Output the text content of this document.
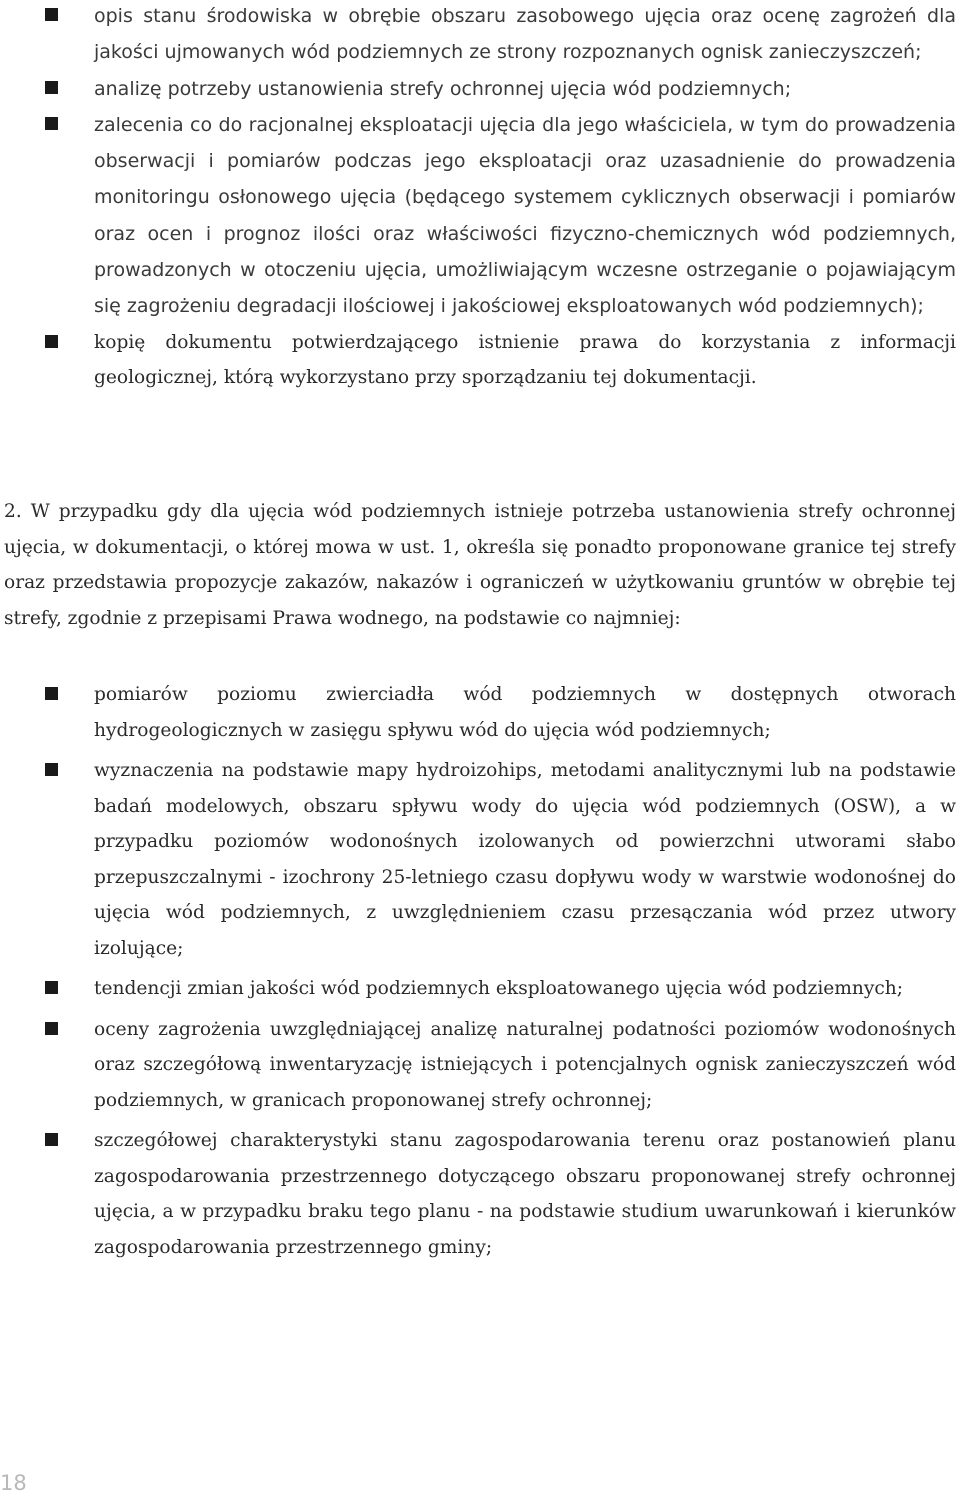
opis stanu środowiska w obrębie obszaru zasobowego ujęcia oraz ocenę zagrożeń dla jakości ujmowanych wód podziemnych ze strony rozpoznanych ognisk zanieczyszczeń;

analizę potrzeby ustanowienia strefy ochronnej ujęcia wód podziemnych;

zalecenia co do racjonalnej eksploatacji ujęcia dla jego właściciela, w tym do prowadzenia obserwacji i pomiarów podczas jego eksploatacji oraz uzasadnienie do prowadzenia monitoringu osłonowego ujęcia (będącego systemem cyklicznych obserwacji i pomiarów oraz ocen i prognoz ilości oraz właściwości fizyczno-chemicznych wód podziemnych, prowadzonych w otoczeniu ujęcia, umożliwiającym wczesne ostrzeganie o pojawiającym się zagrożeniu degradacji ilościowej i jakościowej eksploatowanych wód podziemnych);

kopię dokumentu potwierdzającego istnienie prawa do korzystania z informacji geologicznej, którą wykorzystano przy sporządzaniu tej dokumentacji.

2. W przypadku gdy dla ujęcia wód podziemnych istnieje potrzeba ustanowienia strefy ochronnej ujęcia, w dokumentacji, o której mowa w ust. 1, określa się ponadto proponowane granice tej strefy oraz przedstawia propozycje zakazów, nakazów i ograniczeń w użytkowaniu gruntów w obrębie tej strefy, zgodnie z przepisami Prawa wodnego, na podstawie co najmniej:

pomiarów poziomu zwierciadła wód podziemnych w dostępnych otworach hydrogeologicznych w zasięgu spływu wód do ujęcia wód podziemnych;

wyznaczenia na podstawie mapy hydroizohips, metodami analitycznymi lub na podstawie badań modelowych, obszaru spływu wody do ujęcia wód podziemnych (OSW), a w przypadku poziomów wodonośnych izolowanych od powierzchni utworami słabo przepuszczalnymi - izochrony 25-letniego czasu dopływu wody w warstwie wodonośnej do ujęcia wód podziemnych, z uwzględnieniem czasu przesączania wód przez utwory izolujące;

tendencji zmian jakości wód podziemnych eksploatowanego ujęcia wód podziemnych;

oceny zagrożenia uwzględniającej analizę naturalnej podatności poziomów wodonośnych oraz szczegółową inwentaryzację istniejących i potencjalnych ognisk zanieczyszczeń wód podziemnych, w granicach proponowanej strefy ochronnej;

szczegółowej charakterystyki stanu zagospodarowania terenu oraz postanowień planu zagospodarowania przestrzennego dotyczącego obszaru proponowanej strefy ochronnej ujęcia, a w przypadku braku tego planu - na podstawie studium uwarunkowań i kierunków zagospodarowania przestrzennego gminy;

18
